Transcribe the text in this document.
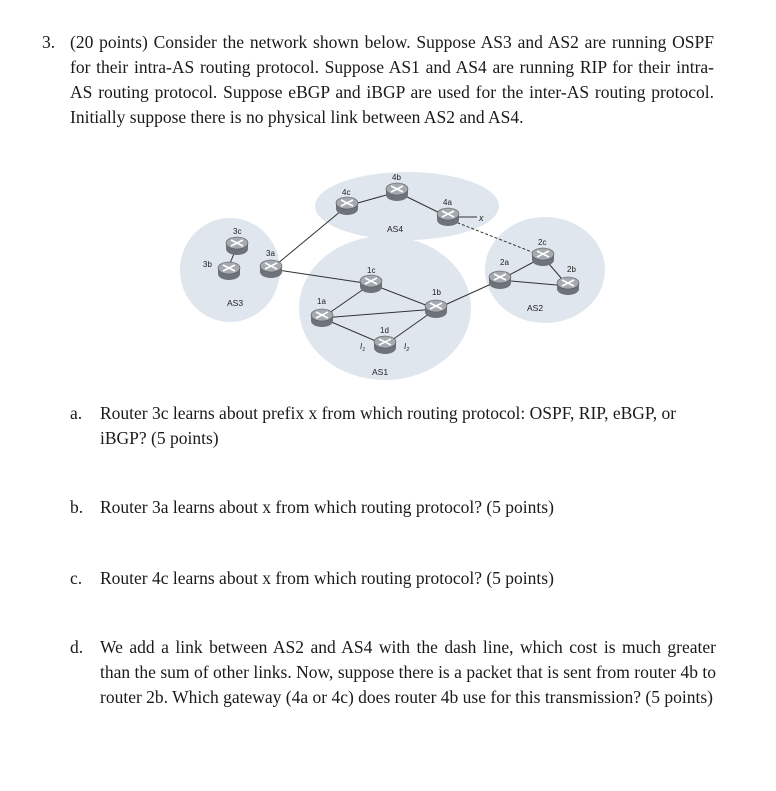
3. (20 points) Consider the network shown below. Suppose AS3 and AS2 are running OSPF for their intra-AS routing protocol. Suppose AS1 and AS4 are running RIP for their intra-AS routing protocol. Suppose eBGP and iBGP are used for the inter-AS routing protocol. Initially suppose there is no physical link between AS2 and AS4.
3c
3b
3a
4c
4b
4a
1c
1a
1b
1d
2a
2c
2b
AS4
AS3
AS1
AS2
$I_1$	$I_2$
x
a. Router 3c learns about prefix x from which routing protocol: OSPF, RIP, eBGP, or iBGP? (5 points)
b. Router 3a learns about x from which routing protocol? (5 points)
c. Router 4c learns about x from which routing protocol? (5 points)
d. We add a link between AS2 and AS4 with the dash line, which cost is much greater than the sum of other links. Now, suppose there is a packet that is sent from router 4b to router 2b. Which gateway (4a or 4c) does router 4b use for this transmission? (5 points)
